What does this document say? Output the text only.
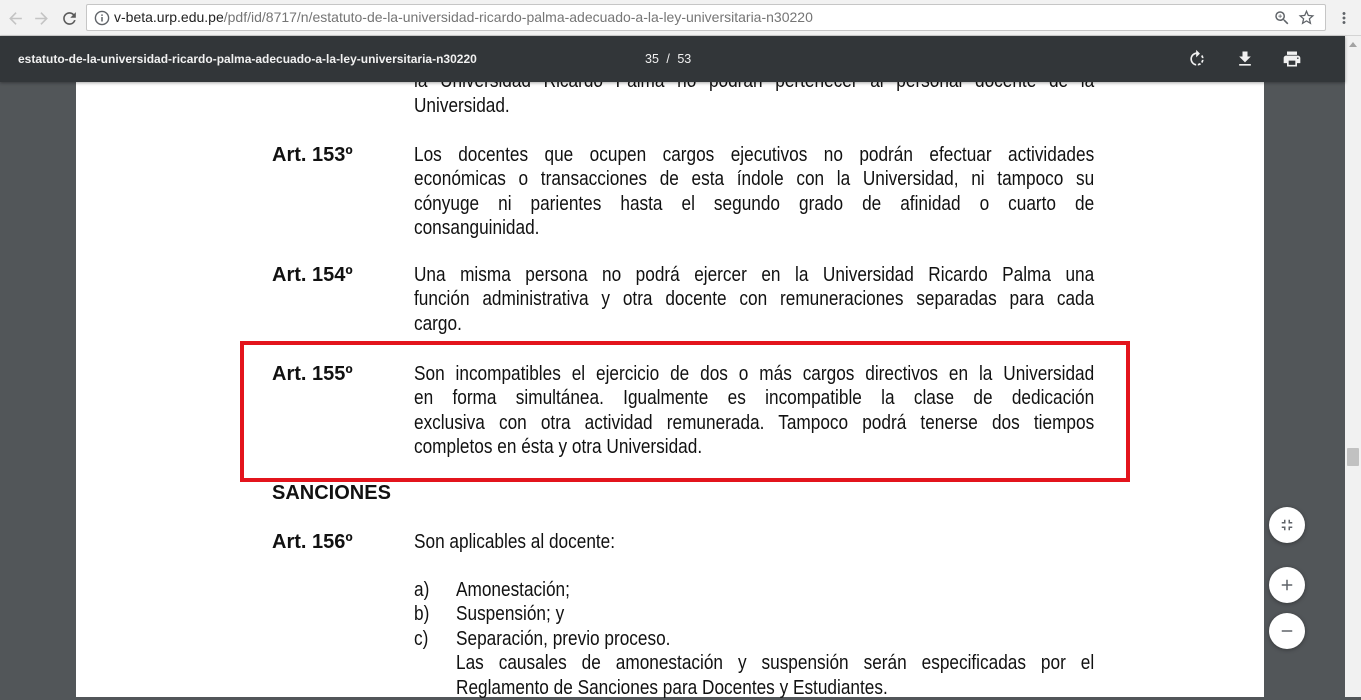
v-beta.urp.edu.pe/pdf/id/8717/n/estatuto-de-la-universidad-ricardo-palma-adecuado-a-la-ley-universitaria-n30220
estatuto-de-la-universidad-ricardo-palma-adecuado-a-la-ley-universitaria-n30220	35 / 53
Universidad.
Art. 153º	Los docentes que ocupen cargos ejecutivos no podrán efectuar actividades
económicas o transacciones de esta índole con la Universidad, ni tampoco su
cónyuge ni parientes hasta el segundo grado de afinidad o cuarto de
consanguinidad.
Art. 154º	Una misma persona no podrá ejercer en la Universidad Ricardo Palma una
función administrativa y otra docente con remuneraciones separadas para cada
cargo.
Art. 155º	Son incompatibles el ejercicio de dos o más cargos directivos en la Universidad
en forma simultánea. Igualmente es incompatible la clase de dedicación
exclusiva con otra actividad remunerada. Tampoco podrá tenerse dos tiempos
completos en ésta y otra Universidad.
SANCIONES
Art. 156º	Son aplicables al docente:
a) Amonestación;
b) Suspensión; y
c) Separación, previo proceso.
Las causales de amonestación y suspensión serán especificadas por el
Reglamento de Sanciones para Docentes y Estudiantes.
